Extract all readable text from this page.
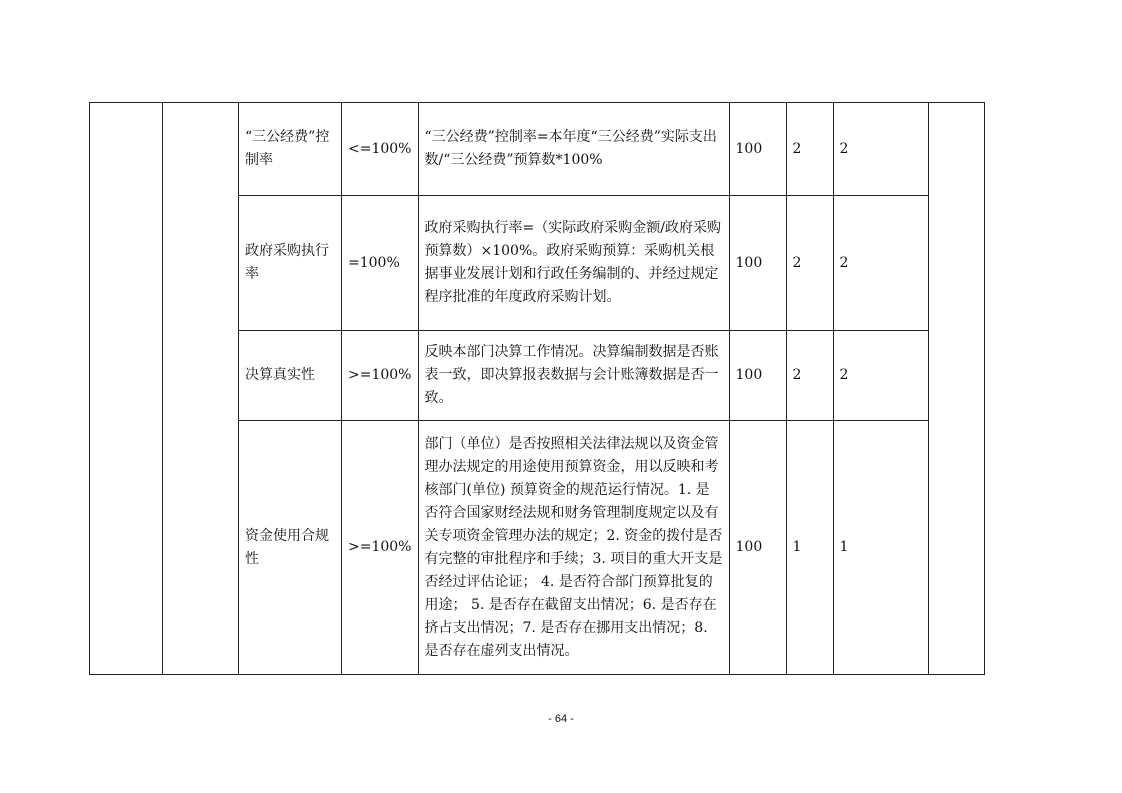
		“三公经费”控制率	<=100%	“三公经费”控制率=本年度“三公经费”实际支出数/“三公经费”预算数*100%	100	2	2	
		政府采购执行率	=100%	政府采购执行率=（实际政府采购金额/政府采购预算数）×100%。政府采购预算：采购机关根据事业发展计划和行政任务编制的、并经过规定程序批准的年度政府采购计划。	100	2	2	
		决算真实性	>=100%	反映本部门决算工作情况。决算编制数据是否账表一致，即决算报表数据与会计账簿数据是否一致。	100	2	2	
		资金使用合规性	>=100%	部门（单位）是否按照相关法律法规以及资金管理办法规定的用途使用预算资金，用以反映和考核部门(单位) 预算资金的规范运行情况。1. 是否符合国家财经法规和财务管理制度规定以及有关专项资金管理办法的规定；2. 资金的拨付是否有完整的审批程序和手续；3. 项目的重大开支是否经过评估论证； 4. 是否符合部门预算批复的用途； 5. 是否存在截留支出情况；6. 是否存在挤占支出情况；7. 是否存在挪用支出情况；8. 是否存在虚列支出情况。	100	1	1	
- 64 -
